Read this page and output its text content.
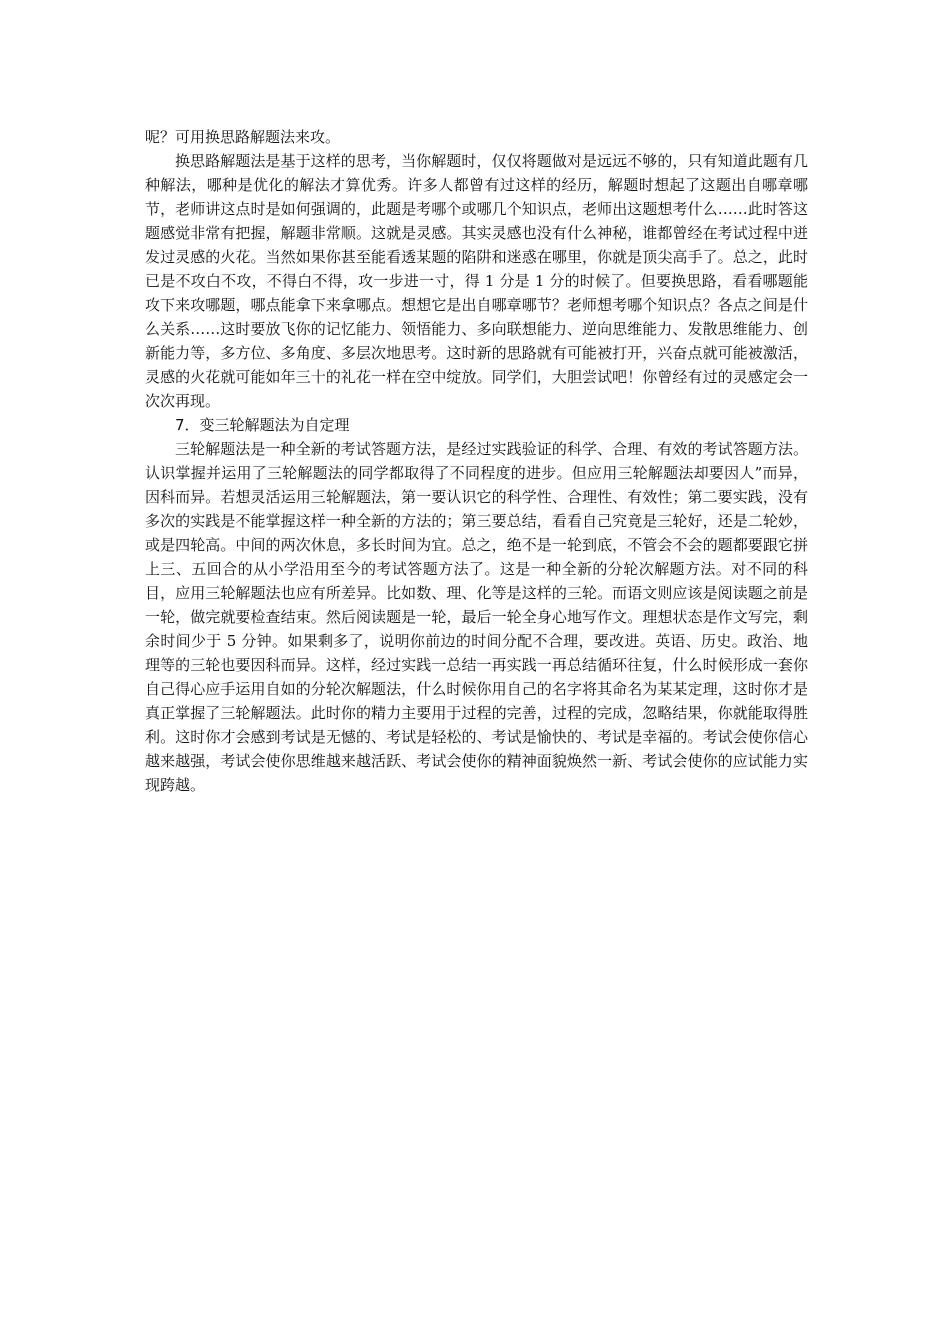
呢？可用换思路解题法来攻。

换思路解题法是基于这样的思考，当你解题时，仅仅将题做对是远远不够的，只有知道此题有几种解法，哪种是优化的解法才算优秀。许多人都曾有过这样的经历，解题时想起了这题出自哪章哪节，老师讲这点时是如何强调的，此题是考哪个或哪几个知识点，老师出这题想考什么……此时答这题感觉非常有把握，解题非常顺。这就是灵感。其实灵感也没有什么神秘，谁都曾经在考试过程中迸发过灵感的火花。当然如果你甚至能看透某题的陷阱和迷惑在哪里，你就是顶尖高手了。总之，此时已是不攻白不攻，不得白不得，攻一步进一寸，得 1 分是 1 分的时候了。但要换思路，看看哪题能攻下来攻哪题，哪点能拿下来拿哪点。想想它是出自哪章哪节？老师想考哪个知识点？各点之间是什么关系……这时要放飞你的记忆能力、领悟能力、多向联想能力、逆向思维能力、发散思维能力、创新能力等，多方位、多角度、多层次地思考。这时新的思路就有可能被打开，兴奋点就可能被激活，灵感的火花就可能如年三十的礼花一样在空中绽放。同学们，大胆尝试吧！你曾经有过的灵感定会一次次再现。

7．变三轮解题法为自定理

三轮解题法是一种全新的考试答题方法，是经过实践验证的科学、合理、有效的考试答题方法。认识掌握并运用了三轮解题法的同学都取得了不同程度的进步。但应用三轮解题法却要因人”而异，因科而异。若想灵活运用三轮解题法，第一要认识它的科学性、合理性、有效性；第二要实践，没有多次的实践是不能掌握这样一种全新的方法的；第三要总结，看看自己究竟是三轮好，还是二轮妙，或是四轮高。中间的两次休息，多长时间为宜。总之，绝不是一轮到底，不管会不会的题都要跟它拼上三、五回合的从小学沿用至今的考试答题方法了。这是一种全新的分轮次解题方法。对不同的科目，应用三轮解题法也应有所差异。比如数、理、化等是这样的三轮。而语文则应该是阅读题之前是一轮，做完就要检查结束。然后阅读题是一轮，最后一轮全身心地写作文。理想状态是作文写完，剩余时间少于 5 分钟。如果剩多了，说明你前边的时间分配不合理，要改进。英语、历史。政治、地理等的三轮也要因科而异。这样，经过实践一总结一再实践一再总结循环往复，什么时候形成一套你自己得心应手运用自如的分轮次解题法，什么时候你用自己的名字将其命名为某某定理，这时你才是真正掌握了三轮解题法。此时你的精力主要用于过程的完善，过程的完成，忽略结果，你就能取得胜利。这时你才会感到考试是无憾的、考试是轻松的、考试是愉快的、考试是幸福的。考试会使你信心越来越强，考试会使你思维越来越活跃、考试会使你的精神面貌焕然一新、考试会使你的应试能力实现跨越。
